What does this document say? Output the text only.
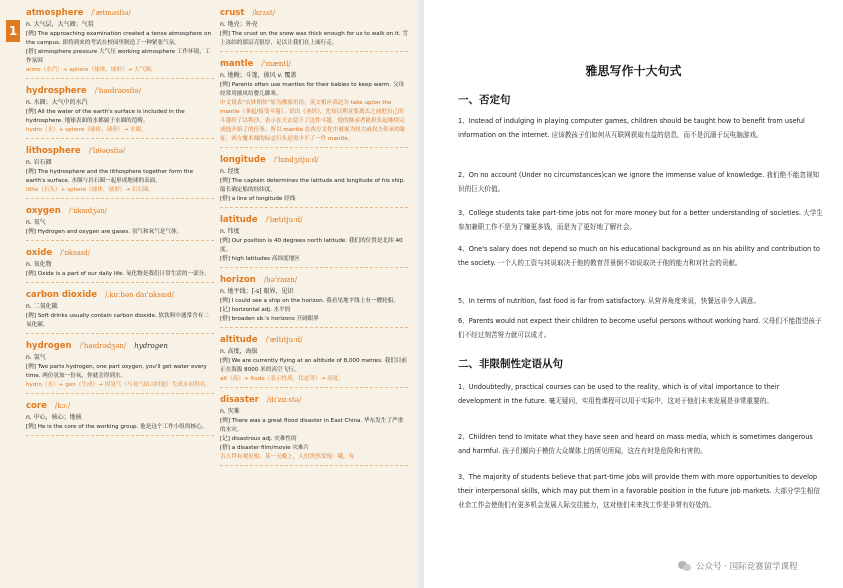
1
atmosphere /'ætməsfɪə/
n. 大气层，大气圈；气氛
[例] The approaching examination created a tense atmosphere on the campus. 即将到来的考试在校园里制造了一种紧张气氛。
[搭] atmosphere pressure 大气压 working atmosphere 工作环境，工作氛围
atmo（水汽）+ sphere（球体，球形）→ 大气圈。
hydrosphere /'haɪdrəʊsfɪə/
n. 水圈；大气中的水汽
[例] All the water of the earth's surface is included in the hydrosphere. 地球表面的水都属于水圈的范畴。
hydro（水）+ sphere（球体，球形）→ 水圈。
lithosphere /'lɪθəʊsfɪə/
n. 岩石圈
[例] The hydrosphere and the lithosphere together form the earth's surface. 水圈与岩石圈一起形成地球的表面。
litho（石头）+ sphere（球体，球形）→ 岩石圈。
oxygen /'ɒksɪdʒən/
n. 氧气
[例] Hydrogen and oxygen are gases. 氢气和氧气是气体。
oxide /'ɒksaɪd/
n. 氧化物
[例] Oxide is a part of our daily life. 氧化物是我们日常生活的一部分。
carbon dioxide /ˌkɑːbən daɪ'ɒksaɪd/
n. 二氧化碳
[例] Soft drinks usually contain carbon dioxide. 软饮料中通常含有二氧化碳。
hydrogen /'haɪdrədʒən/ hydrogen
n. 氢气
[例] Two parts hydrogen, one part oxygen, you'll get water every time. 两份氢加一份氧，你就会得到水。
hydro（水）+ gen（生成）→ 因氢气（与氧气结合时能）生成水而得名。
core /kɔː/
n. 中心，核心；地核
[例] He is the core of the working group. 他是这个工作小组的核心。
crust /krʌst/
n. 地壳；外壳
[例] The crust on the snow was thick enough for us to walk on it. 雪上冻结的那层壳很厚，足以让我们在上面行走。
mantle /'mæntl/
n. 地幔；斗篷，披风 v. 覆盖
[例] Parents often use mantles for their babies to keep warm. 父母经常用披风给婴儿御寒。
中文说表“衣钵相传”原为佛家用语，英文相应表达为 take up/on the mantle（拿起/接受斗篷）。语出《圣经》，先知以利亚要离去之前把自己的斗篷给了以利沙，表示在天去留下了这件斗篷。他的继承者能担负起继续完成他开始了的任务。所以 mantle 在西方文化中被视为权力或权力传承的象征。西方魔术师的标志行头是黑少不了一件 mantle。
longitude /'lɒndʒɪtjuːd/
n. 经度
[例] The captain determines the latitude and longitude of his ship. 船长确定船的经纬度。
[搭] a line of longitude 经线
latitude /'lætɪtjuːd/
n. 纬度
[例] Our position is 40 degrees north latitude. 我们的位置是北纬 40 度。
[搭] high latitudes 高纬度地区
horizon /hə'raɪzn/
n. 地平线；[-s] 眼界，见识
[例] I could see a ship on the horizon. 我看见地平线上有一艘轮船。
[记] horizontal adj. 水平的
[搭] broaden sb.'s horizons 开阔眼界
altitude /'æltɪtjuːd/
n. 高度，海拔
[例] We are currently flying at an altitude of 8,000 metres. 我们目前正在海拔 8000 米的高空飞行。
alt（高）+ itude（表示性质、状态等）→ 高度。
disaster /dɪ'zɑːstə/
n. 灾难
[例] There was a great flood disaster in East China. 华东发生了严重的水灾。
[记] disastrous adj. 灾难性的
[搭] a disaster film/movie 灾难片
古人拜有观星相。某一天晚上，人们突然发现：哦，有
雅思写作十大句式
一、否定句
1、Instead of indulging in playing computer games, children should be taught how to benefit from useful information on the internet. 应该教孩子们如何从互联网获取有益的信息，而不是沉溺于玩电脑游戏。
2、On no account (Under no circumstances)can we ignore the immense value of knowledge. 我们绝不能忽视知识的巨大价值。
3、College students take part-time jobs not for more money but for a better understanding of societies. 大学生参加兼职工作不是为了赚更多钱，而是为了更好地了解社会。
4、One's salary does not depend so much on his educational background as on his ability and contribution to the society. 一个人的工资与其说取决于他的教育背景倒不如说取决于他的能力和对社会的贡献。
5、In terms of nutrition, fast food is far from satisfactory. 从营养角度来说，快餐远非令人满意。
6、Parents would not expect their children to become useful persons without working hard. 父母们不能指望孩子们不经过刻苦努力就可以成才。
二、非限制性定语从句
1、Undoubtedly, practical courses can be used to the reality, which is of vital importance to their development in the future. 毫无疑问，实用性课程可以用于实际中，这对于他们未来发展是非常重要的。
2、Children tend to imitate what they have seen and heard on mass media, which is sometimes dangerous and harmful. 孩子们倾向于模仿大众媒体上的所见所闻，这在有时是危险和有害的。
3、The majority of students believe that part-time jobs will provide them with more opportunities to develop their interpersonal skills, which may put them in a favorable position in the future job markets. 大部分学生相信业余工作会使他们有更多机会发展人际交往能力，这对他们未来找工作是非常有好处的。
公众号 · 国际竞赛留学课程
